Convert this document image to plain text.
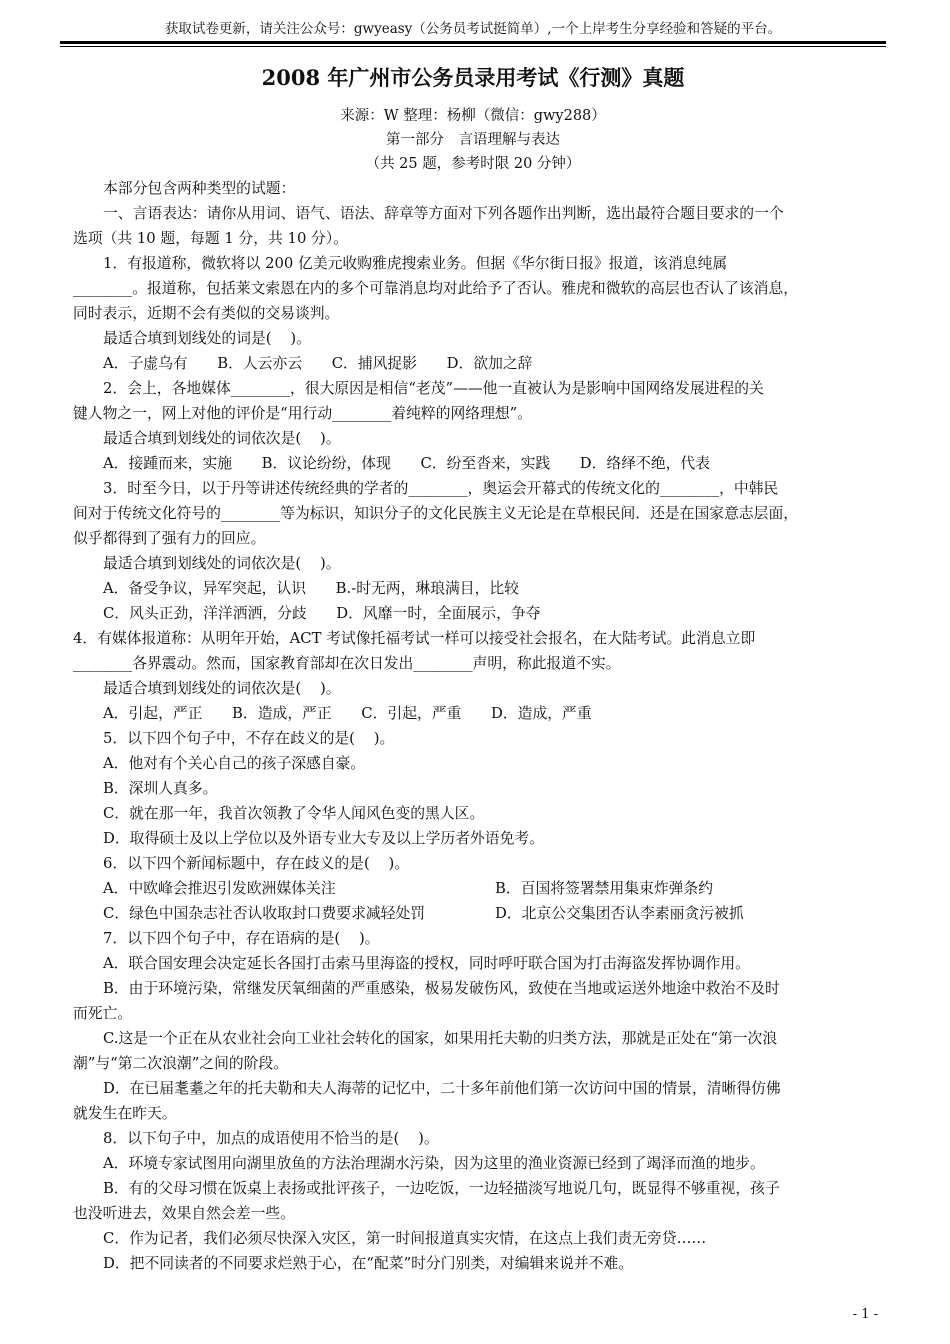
获取试卷更新，请关注公众号：gwyeasy（公务员考试挺简单）,一个上岸考生分享经验和答疑的平台。
2008 年广州市公务员录用考试《行测》真题
来源：W 整理：杨柳（微信：gwy288）
第一部分　言语理解与表达
（共 25 题，参考时限 20 分钟）

本部分包含两种类型的试题：

一、言语表达：请你从用词、语气、语法、辞章等方面对下列各题作出判断，选出最符合题目要求的一个

选项（共 10 题，每题 1 分，共 10 分）。

1．有报道称，微软将以 200 亿美元收购雅虎搜索业务。但据《华尔街日报》报道，该消息纯属

________。报道称，包括莱文索恩在内的多个可靠消息均对此给予了否认。雅虎和微软的高层也否认了该消息，

同时表示，近期不会有类似的交易谈判。

最适合填到划线处的词是(    )。

A．子虚乌有　　B．人云亦云　　C．捕风捉影　　D．欲加之辞

2．会上，各地媒体________，很大原因是相信“老茂”——他一直被认为是影响中国网络发展进程的关

键人物之一，网上对他的评价是“用行动________着纯粹的网络理想”。

最适合填到划线处的词依次是(    )。

A．接踵而来，实施　　B．议论纷纷，体现　　C．纷至沓来，实践　　D．络绎不绝，代表

3．时至今日，以于丹等讲述传统经典的学者的________，奥运会开幕式的传统文化的________，中韩民

间对于传统文化符号的________等为标识，知识分子的文化民族主义无论是在草根民间．还是在国家意志层面，

似乎都得到了强有力的回应。

最适合填到划线处的词依次是(    )。

A．备受争议，异军突起，认识　　B.-时无两，琳琅满目，比较

C．风头正劲，洋洋洒洒，分歧　　D．风靡一时，全面展示，争夺

4．有媒体报道称：从明年开始，ACT 考试像托福考试一样可以接受社会报名，在大陆考试。此消息立即

________各界震动。然而，国家教育部却在次日发出________声明，称此报道不实。

最适合填到划线处的词依次是(    )。

A．引起，严正　　B．造成，严正　　C．引起，严重　　D．造成，严重

5．以下四个句子中，不存在歧义的是(    )。

A．他对有个关心自己的孩子深感自豪。

B．深圳人真多。

C．就在那一年，我首次领教了令华人闻风色变的黑人区。

D．取得硕士及以上学位以及外语专业大专及以上学历者外语免考。

6．以下四个新闻标题中，存在歧义的是(    )。

A．中欧峰会推迟引发欧洲媒体关注	B．百国将签署禁用集束炸弹条约
C．绿色中国杂志社否认收取封口费要求减轻处罚	D．北京公交集团否认李素丽贪污被抓

7．以下四个句子中，存在语病的是(    )。

A．联合国安理会决定延长各国打击索马里海盗的授权，同时呼吁联合国为打击海盗发挥协调作用。

B．由于环境污染，常继发厌氧细菌的严重感染，极易发破伤风，致使在当地或运送外地途中救治不及时

而死亡。

C.这是一个正在从农业社会向工业社会转化的国家，如果用托夫勒的归类方法，那就是正处在“第一次浪

潮”与“第二次浪潮”之间的阶段。

D．在已届耄耋之年的托夫勒和夫人海蒂的记忆中，二十多年前他们第一次访问中国的情景，清晰得仿佛

就发生在昨天。

8．以下句子中，加点的成语使用不恰当的是(    )。

A．环境专家试图用向湖里放鱼的方法治理湖水污染，因为这里的渔业资源已经到了竭泽而渔的地步。

B．有的父母习惯在饭桌上表扬或批评孩子，一边吃饭，一边轻描淡写地说几句，既显得不够重视，孩子

也没听进去，效果自然会差一些。

C．作为记者，我们必须尽快深入灾区，第一时间报道真实灾情，在这点上我们责无旁贷……

D．把不同读者的不同要求烂熟于心，在“配菜”时分门别类，对编辑来说并不难。

- 1 -
